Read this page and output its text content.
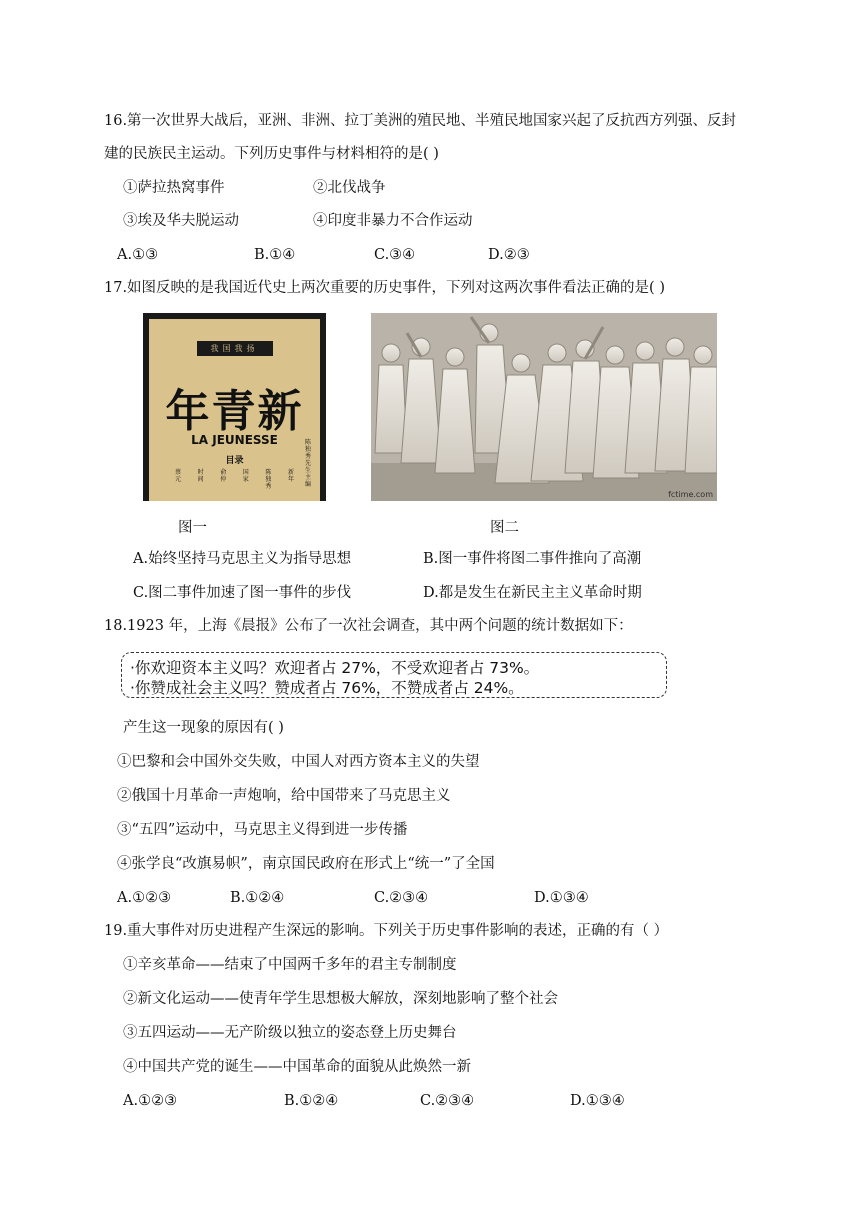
16.第一次世界大战后，亚洲、非洲、拉丁美洲的殖民地、半殖民地国家兴起了反抗西方列强、反封
建的民族民主运动。下列历史事件与材料相符的是( )
①萨拉热窝事件	②北伐战争
③埃及华夫脱运动	④印度非暴力不合作运动
A.①③	B.①④	C.③④	D.②③
17.如图反映的是我国近代史上两次重要的历史事件，下列对这两次事件看法正确的是( )
我国我扬
年青新
LA JEUNESSE
目录
蔡元
时间
俞仲
国家
陈独秀
新年
陈独秀先生主编
fctime.com
图一	图二
A.始终坚持马克思主义为指导思想	B.图一事件将图二事件推向了高潮
C.图二事件加速了图一事件的步伐	D.都是发生在新民主主义革命时期
18.1923 年，上海《晨报》公布了一次社会调查，其中两个问题的统计数据如下：
·你欢迎资本主义吗？欢迎者占 27%，不受欢迎者占 73%。
·你赞成社会主义吗？赞成者占 76%，不赞成者占 24%。
产生这一现象的原因有( )
①巴黎和会中国外交失败，中国人对西方资本主义的失望
②俄国十月革命一声炮响，给中国带来了马克思主义
③“五四”运动中，马克思主义得到进一步传播
④张学良“改旗易帜”，南京国民政府在形式上“统一”了全国
A.①②③	B.①②④	C.②③④	D.①③④
19.重大事件对历史进程产生深远的影响。下列关于历史事件影响的表述，正确的有（ ）
①辛亥革命——结束了中国两千多年的君主专制制度
②新文化运动——使青年学生思想极大解放，深刻地影响了整个社会
③五四运动——无产阶级以独立的姿态登上历史舞台
④中国共产党的诞生——中国革命的面貌从此焕然一新
A.①②③	B.①②④	C.②③④	D.①③④
